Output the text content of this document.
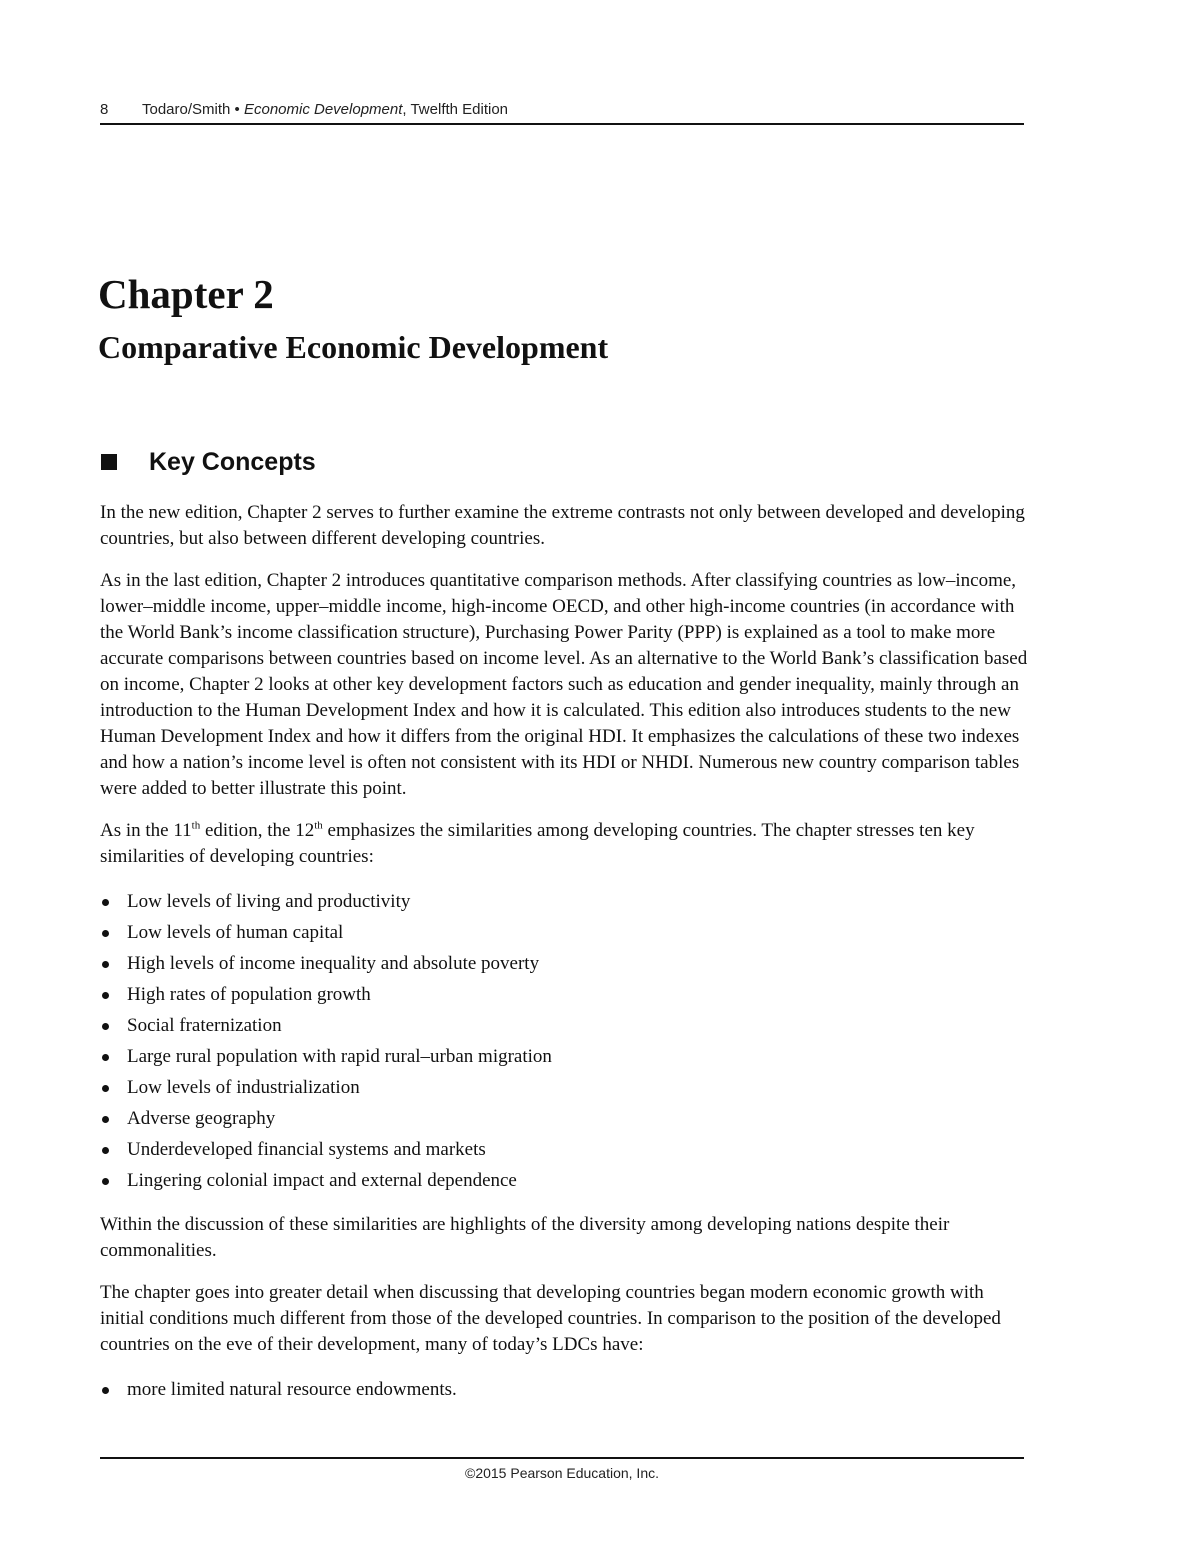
8 Todaro/Smith • Economic Development, Twelfth Edition
Chapter 2
Comparative Economic Development
Key Concepts

In the new edition, Chapter 2 serves to further examine the extreme contrasts not only between developed and developing countries, but also between different developing countries.

As in the last edition, Chapter 2 introduces quantitative comparison methods. After classifying countries as low–income, lower–middle income, upper–middle income, high-income OECD, and other high-income countries (in accordance with the World Bank’s income classification structure), Purchasing Power Parity (PPP) is explained as a tool to make more accurate comparisons between countries based on income level. As an alternative to the World Bank’s classification based on income, Chapter 2 looks at other key development factors such as education and gender inequality, mainly through an introduction to the Human Development Index and how it is calculated. This edition also introduces students to the new Human Development Index and how it differs from the original HDI. It emphasizes the calculations of these two indexes and how a nation’s income level is often not consistent with its HDI or NHDI. Numerous new country comparison tables were added to better illustrate this point.

As in the 11th edition, the 12th emphasizes the similarities among developing countries. The chapter stresses ten key similarities of developing countries:

Low levels of living and productivity
Low levels of human capital
High levels of income inequality and absolute poverty
High rates of population growth
Social fraternization
Large rural population with rapid rural–urban migration
Low levels of industrialization
Adverse geography
Underdeveloped financial systems and markets
Lingering colonial impact and external dependence

Within the discussion of these similarities are highlights of the diversity among developing nations despite their commonalities.

The chapter goes into greater detail when discussing that developing countries began modern economic growth with initial conditions much different from those of the developed countries. In comparison to the position of the developed countries on the eve of their development, many of today’s LDCs have:

more limited natural resource endowments.
©2015 Pearson Education, Inc.
